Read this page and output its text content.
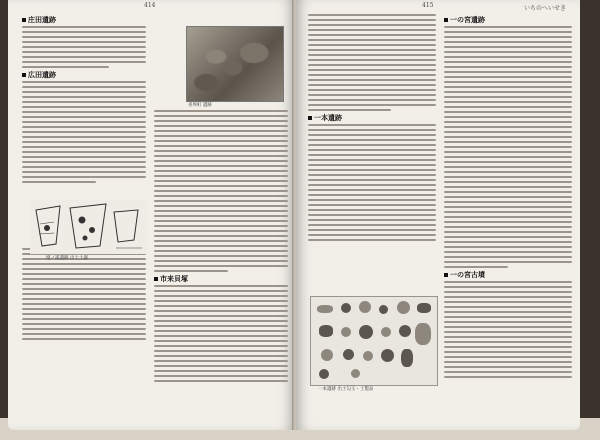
414
庄田遺跡
広田遺跡
壇ノ浦遺跡 出土土器
喜界町 遺跡
市来貝塚
415	いちのへいせき
一本遺跡
一の宮遺跡
一の宮古墳
一本遺跡 出土勾玉・土製品
